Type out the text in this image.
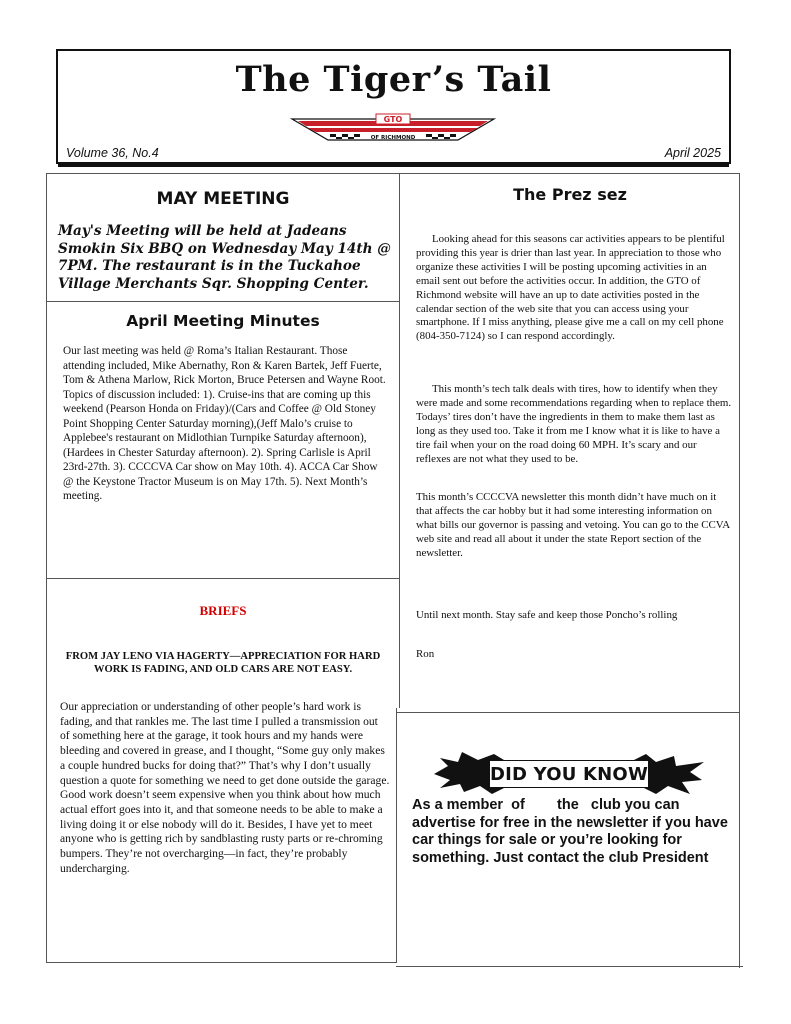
The Tiger’s Tail
GTO
OF RICHMOND
Volume 36, No.4	April 2025
MAY MEETING
May's Meeting will be held at Jadeans Smokin Six BBQ on Wednesday May 14th @ 7PM. The restaurant is in the Tuckahoe Village Merchants Sqr. Shopping Center.
April Meeting Minutes
Our last meeting was held @ Roma’s Italian Restaurant. Those attending included, Mike Abernathy, Ron & Karen Bartek, Jeff Fuerte, Tom & Athena Marlow, Rick Morton, Bruce Petersen and Wayne Root. Topics of discussion included: 1). Cruise-ins that are coming up this weekend (Pearson Honda on Friday)/(Cars and Coffee @ Old Stoney Point Shopping Center Saturday morning),(Jeff Malo’s cruise to Applebee's restaurant on Midlothian Turnpike Saturday afternoon), (Hardees in Chester Saturday afternoon). 2). Spring Carlisle is April 23rd-27th. 3). CCCCVA Car show on May 10th. 4). ACCA Car Show @ the Keystone Tractor Museum is on May 17th. 5). Next Month’s meeting.
BRIEFS
FROM JAY LENO VIA HAGERTY—APPRECIATION FOR HARD WORK IS FADING, AND OLD CARS ARE NOT EASY.
Our appreciation or understanding of other people’s hard work is fading, and that rankles me. The last time I pulled a transmission out of something here at the garage, it took hours and my hands were bleeding and covered in grease, and I thought, “Some guy only makes a couple hundred bucks for doing that?” That’s why I don’t usually question a quote for something we need to get done outside the garage. Good work doesn’t seem expensive when you think about how much actual effort goes into it, and that someone needs to be able to make a living doing it or else nobody will do it. Besides, I have yet to meet anyone who is getting rich by sandblasting rusty parts or re-chroming bumpers. They’re not overcharging—in fact, they’re probably undercharging.
The Prez sez
Looking ahead for this seasons car activities appears to be plentiful providing this year is drier than last year. In appreciation to those who organize these activities I will be posting upcoming activities in an email sent out before the activities occur. In addition, the GTO of Richmond website will have an up to date activities posted in the calendar section of the web site that you can access using your smartphone. If I miss anything, please give me a call on my cell phone (804-350-7124) so I can respond accordingly.
This month’s tech talk deals with tires, how to identify when they were made and some recommendations regarding when to replace them. Todays’ tires don’t have the ingredients in them to make them last as long as they used too. Take it from me I know what it is like to have a tire fail when your on the road doing 60 MPH. It’s scary and our reflexes are not what they used to be.
This month’s CCCCVA newsletter this month didn’t have much on it that affects the car hobby but it had some interesting information on what bills our governor is passing and vetoing. You can go to the CCVA web site and read all about it under the state Report section of the newsletter.
Until next month. Stay safe and keep those Poncho’s rolling
Ron
DID YOU KNOW
As a member  of        the   club you can advertise for free in the newsletter if you have car things for sale or you’re looking for something. Just contact the club President
